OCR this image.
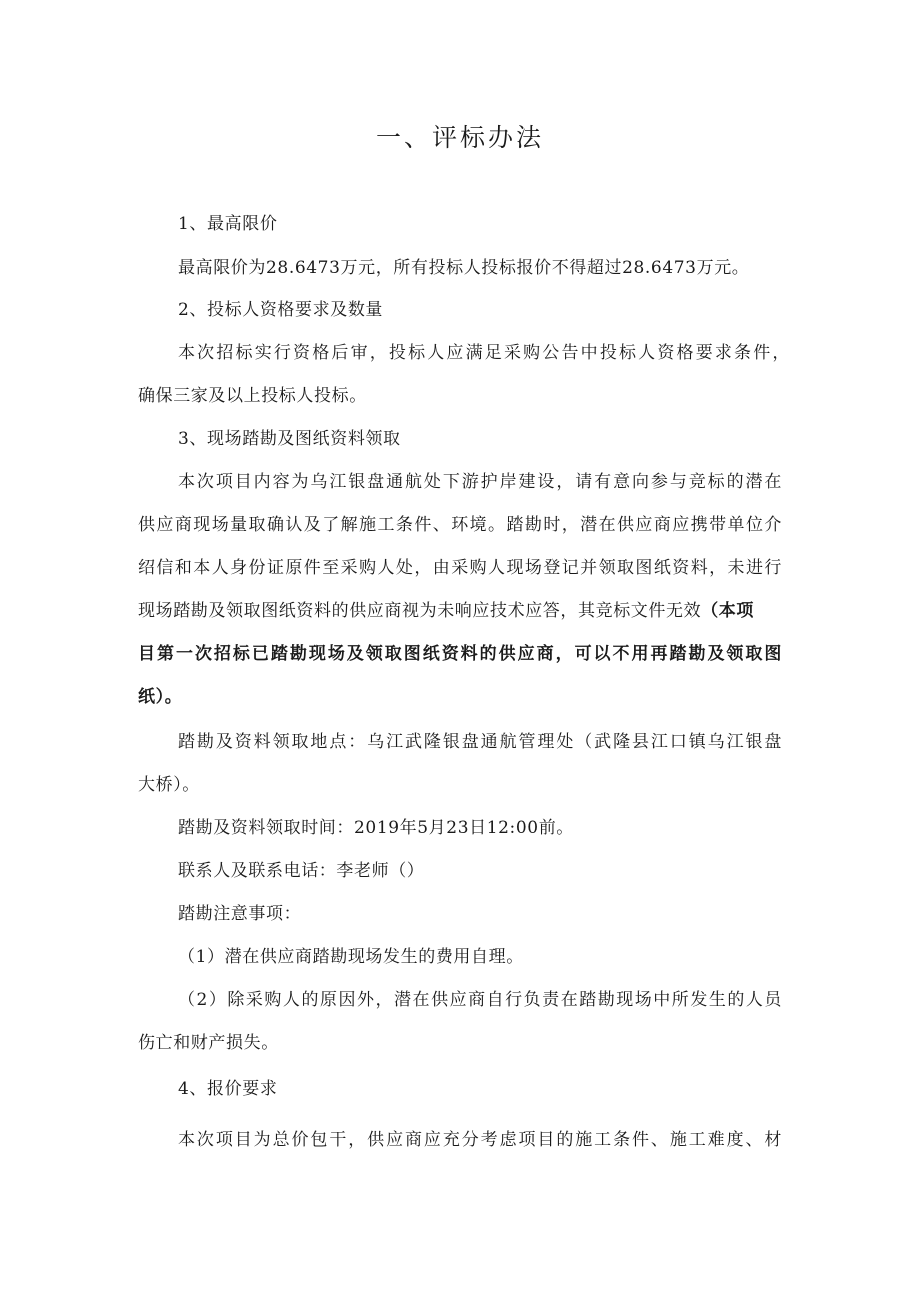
一、评标办法
1、最高限价
最高限价为28.6473万元，所有投标人投标报价不得超过28.6473万元。
2、投标人资格要求及数量
本次招标实行资格后审，投标人应满足采购公告中投标人资格要求条件，
确保三家及以上投标人投标。
3、现场踏勘及图纸资料领取
本次项目内容为乌江银盘通航处下游护岸建设，请有意向参与竞标的潜在
供应商现场量取确认及了解施工条件、环境。踏勘时，潜在供应商应携带单位介
绍信和本人身份证原件至采购人处，由采购人现场登记并领取图纸资料，未进行
现场踏勘及领取图纸资料的供应商视为未响应技术应答，其竞标文件无效（本项
目第一次招标已踏勘现场及领取图纸资料的供应商，可以不用再踏勘及领取图
纸）。
踏勘及资料领取地点：乌江武隆银盘通航管理处（武隆县江口镇乌江银盘
大桥）。
踏勘及资料领取时间：2019年5月23日12:00前。
联系人及联系电话：李老师（）
踏勘注意事项：
（1）潜在供应商踏勘现场发生的费用自理。
（2）除采购人的原因外，潜在供应商自行负责在踏勘现场中所发生的人员
伤亡和财产损失。
4、报价要求
本次项目为总价包干，供应商应充分考虑项目的施工条件、施工难度、材
